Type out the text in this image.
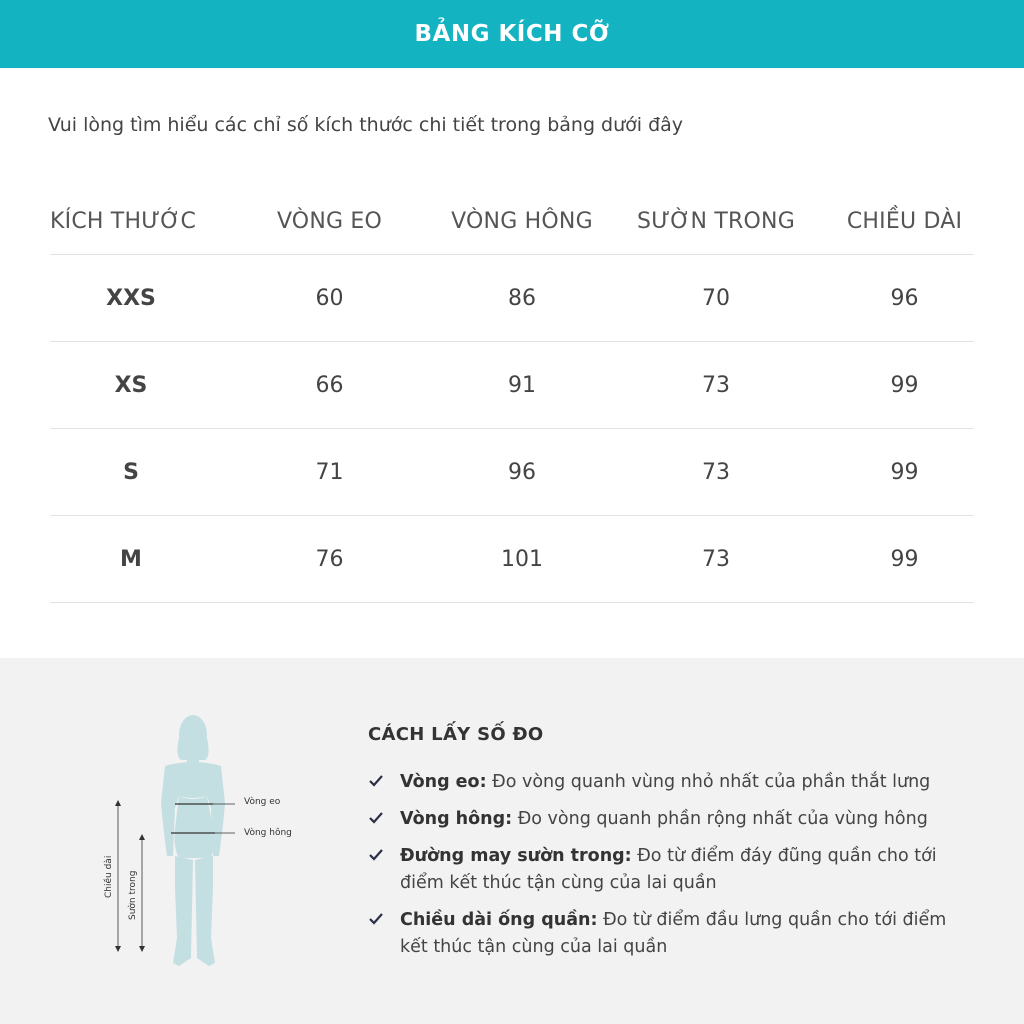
BẢNG KÍCH CỠ
Vui lòng tìm hiểu các chỉ số kích thước chi tiết trong bảng dưới đây
KÍCH THƯỚC	VÒNG EO	VÒNG HÔNG	SƯỜN TRONG	CHIỀU DÀI
XXS	60	86	70	96
XS	66	91	73	99
S	71	96	73	99
M	76	101	73	99
Vòng eo
Vòng hông
Chiều dài Sườn trong
CÁCH LẤY SỐ ĐO
Vòng eo: Đo vòng quanh vùng nhỏ nhất của phần thắt lưng
Vòng hông: Đo vòng quanh phần rộng nhất của vùng hông
Đường may sườn trong: Đo từ điểm đáy đũng quần cho tới điểm kết thúc tận cùng của lai quần
Chiều dài ống quần: Đo từ điểm đầu lưng quần cho tới điểm kết thúc tận cùng của lai quần
